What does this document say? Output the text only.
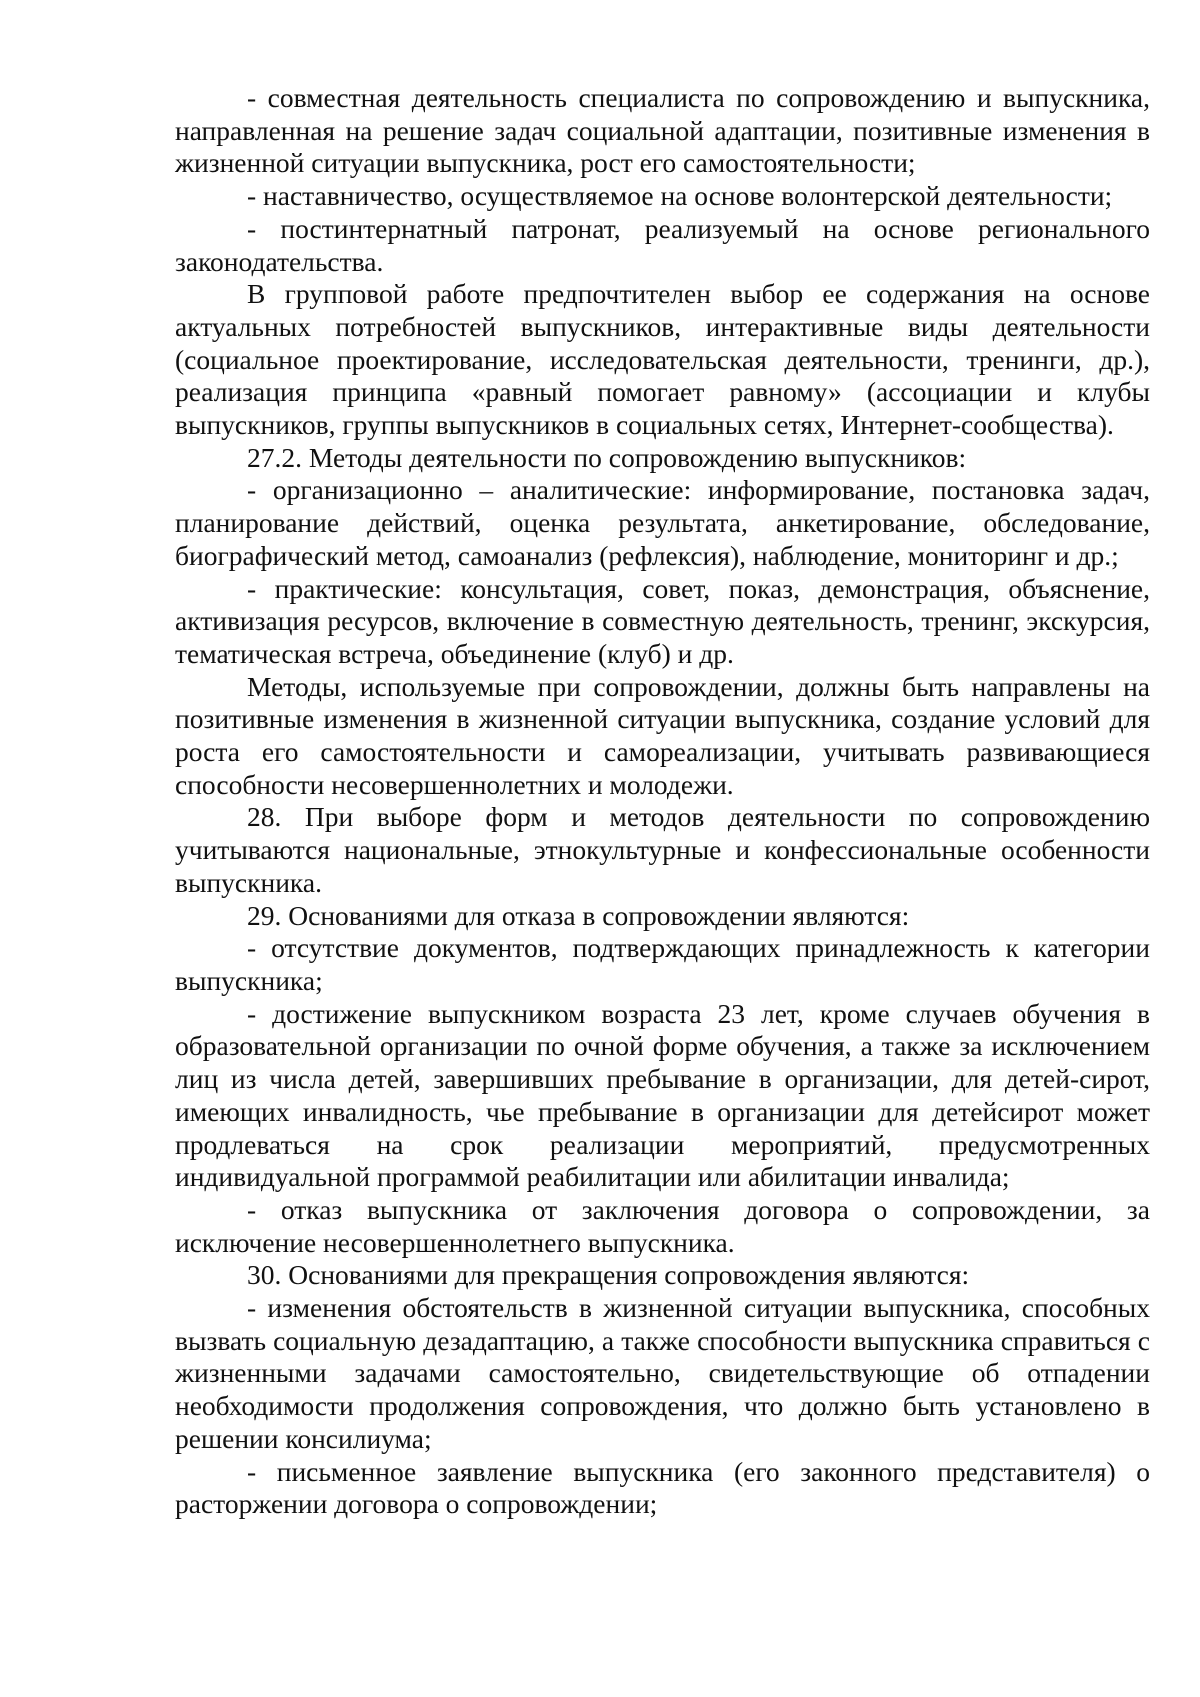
- совместная деятельность специалиста по сопровождению и выпускника, направленная на решение задач социальной адаптации, позитивные изменения в жизненной ситуации выпускника, рост его самостоятельности;

- наставничество, осуществляемое на основе волонтерской деятельности;

- постинтернатный патронат, реализуемый на основе регионального законодательства.

В групповой работе предпочтителен выбор ее содержания на основе актуальных потребностей выпускников, интерактивные виды деятельности (социальное проектирование, исследовательская деятельности, тренинги, др.), реализация принципа «равный помогает равному» (ассоциации и клубы выпускников, группы выпускников в социальных сетях, Интернет-сообщества).

27.2. Методы деятельности по сопровождению выпускников:

- организационно – аналитические: информирование, постановка задач, планирование действий, оценка результата, анкетирование, обследование, биографический метод, самоанализ (рефлексия), наблюдение, мониторинг и др.;

- практические: консультация, совет, показ, демонстрация, объяснение, активизация ресурсов, включение в совместную деятельность, тренинг, экскурсия, тематическая встреча, объединение (клуб) и др.

Методы, используемые при сопровождении, должны быть направлены на позитивные изменения в жизненной ситуации выпускника, создание условий для роста его самостоятельности и самореализации, учитывать развивающиеся способности несовершеннолетних и молодежи.

28. При выборе форм и методов деятельности по сопровождению учитываются национальные, этнокультурные и конфессиональные особенности выпускника.

29. Основаниями для отказа в сопровождении являются:

- отсутствие документов, подтверждающих принадлежность к категории выпускника;

- достижение выпускником возраста 23 лет, кроме случаев обучения в образовательной организации по очной форме обучения, а также за исключением лиц из числа детей, завершивших пребывание в организации, для детей-сирот, имеющих инвалидность, чье пребывание в организации для детейсирот может продлеваться на срок реализации мероприятий, предусмотренных индивидуальной программой реабилитации или абилитации инвалида;

- отказ выпускника от заключения договора о сопровождении, за исключение несовершеннолетнего выпускника.

30. Основаниями для прекращения сопровождения являются:

- изменения обстоятельств в жизненной ситуации выпускника, способных вызвать социальную дезадаптацию, а также способности выпускника справиться с жизненными задачами самостоятельно, свидетельствующие об отпадении необходимости продолжения сопровождения, что должно быть установлено в решении консилиума;

- письменное заявление выпускника (его законного представителя) о расторжении договора о сопровождении;
